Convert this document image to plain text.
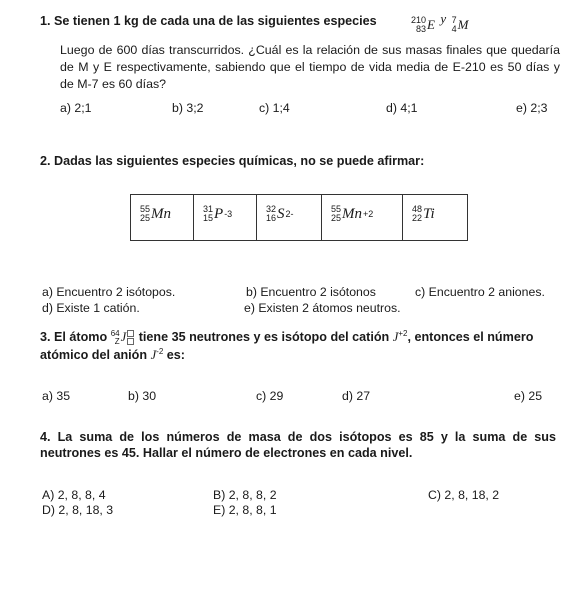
1. Se tienen 1 kg de cada una de las siguientes especies	210
83 E y 7
4 M
Luego de 600 días transcurridos. ¿Cuál es la relación de sus masas finales que quedaría de M y E respectivamente, sabiendo que el tiempo de vida media de E-210 es 50 días y de M-7 es 60 días?
a) 2;1	b) 3;2	c) 1;4	d) 4;1	e) 2;3
2. Dadas las siguientes especies químicas, no se puede afirmar:
55
25 Mn	31
15 P -3	32
16 S 2-	55
25 Mn +2	48
22 Ti
a) Encuentro 2 isótopos.	b) Encuentro 2 isótonos	c) Encuentro 2 aniones.
d) Existe 1 catión.	e) Existen 2 átomos neutros.
3. El átomo 64
Z J tiene 35 neutrones y es isótopo del catión $J^{+2}$, entonces el número
atómico del anión $J^{-2}$ es:
a) 35	b) 30	c) 29	d) 27	e) 25
4. La suma de los números de masa de dos isótopos es 85 y la suma de sus
neutrones es 45. Hallar el número de electrones en cada nivel.
A) 2, 8, 8, 4	B) 2, 8, 8, 2	C) 2, 8, 18, 2
D) 2, 8, 18, 3	E) 2, 8, 8, 1
